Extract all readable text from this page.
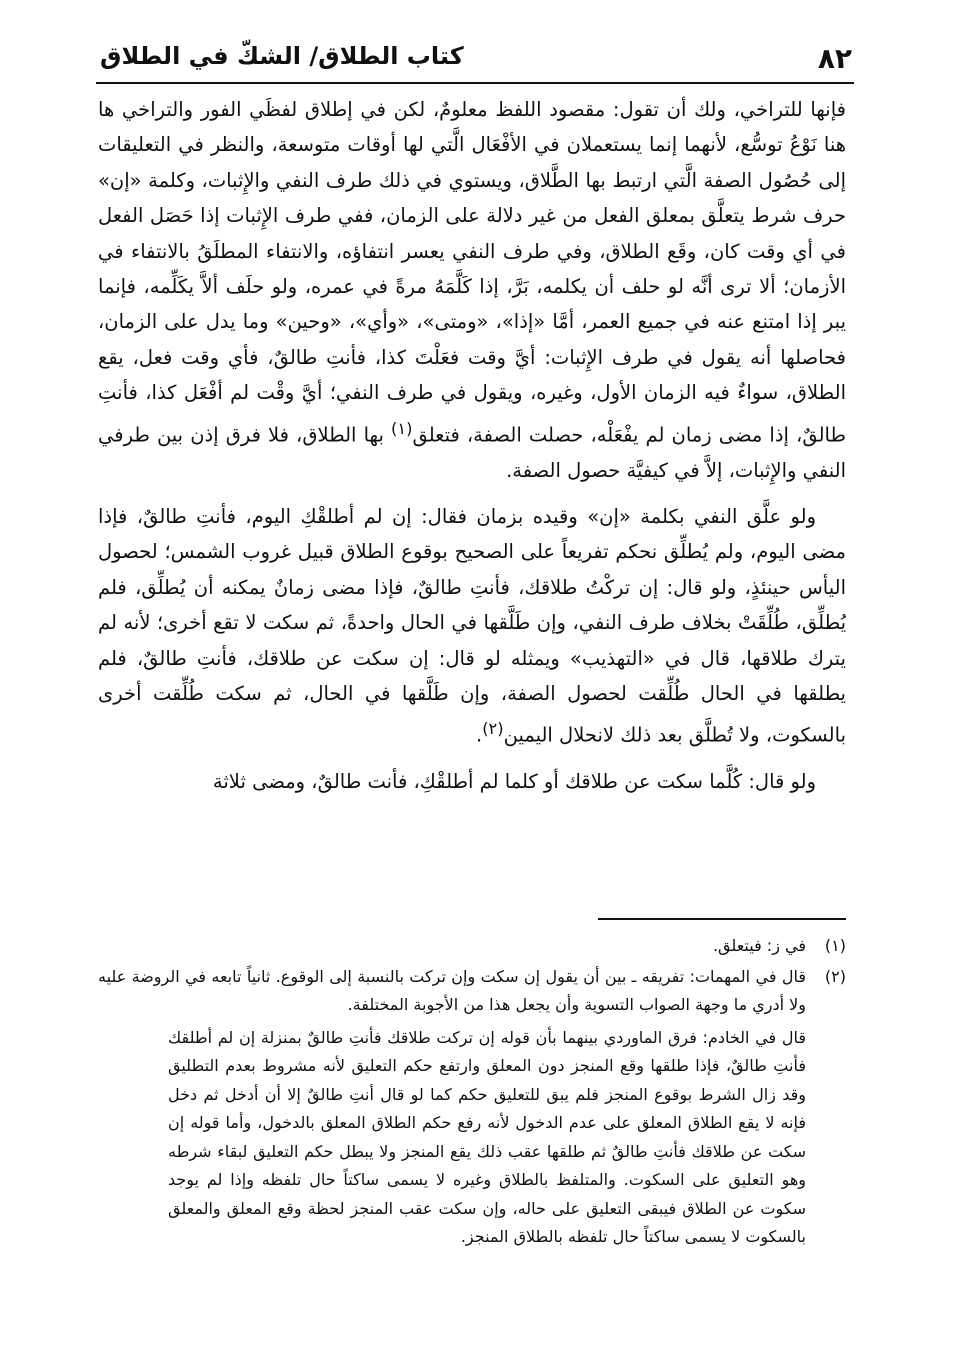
٨٢
كتاب الطلاق/ الشكّ في الطلاق

فإنها للتراخي، ولك أن تقول: مقصود اللفظ معلومٌ، لكن في إطلاق لفظَي الفور والتراخي ها هنا نَوْعُ توسُّع، لأنهما إنما يستعملان في الأفْعَال الَّتي لها أوقات متوسعة، والنظر في التعليقات إلى حُصُول الصفة الَّتي ارتبط بها الطَّلاق، ويستوي في ذلك طرف النفي والإِثبات، وكلمة «إن» حرف شرط يتعلَّق بمعلق الفعل من غير دلالة على الزمان، ففي طرف الإِثبات إذا حَصَل الفعل في أي وقت كان، وقَع الطلاق، وفي طرف النفي يعسر انتفاؤه، والانتفاء المطلَقُ بالانتفاء في الأزمان؛ ألا ترى أنَّه لو حلف أن يكلمه، بَرَّ، إذا كَلَّمَهُ مرةً في عمره، ولو حلَف ألاَّ يكَلِّمه، فإنما يبر إذا امتنع عنه في جميع العمر، أمَّا «إذا»، «ومتى»، «وأي»، «وحين» وما يدل على الزمان، فحاصلها أنه يقول في طرف الإِثبات: أيَّ وقت فعَلْتَ كذا، فأنتِ طالقٌ، فأي وقت فعل، يقع الطلاق، سواءٌ فيه الزمان الأول، وغيره، ويقول في طرف النفي؛ أيَّ وقْت لم أفْعَل كذا، فأنتِ طالقٌ، إذا مضى زمان لم يفْعَلْه، حصلت الصفة، فتعلق$^{(١)}$ بها الطلاق، فلا فرق إذن بين طرفي النفي والإِثبات، إلاَّ في كيفيَّة حصول الصفة.

ولو علَّق النفي بكلمة «إن» وقيده بزمان فقال: إن لم أطلقْكِ اليوم، فأنتِ طالقٌ، فإذا مضى اليوم، ولم يُطلِّق نحكم تفريعاً على الصحيح بوقوع الطلاق قبيل غروب الشمس؛ لحصول اليأس حينئذٍ، ولو قال: إن تركْتُ طلاقك، فأنتِ طالقٌ، فإذا مضى زمانٌ يمكنه أن يُطلِّق، فلم يُطلِّق، طُلِّقَتْ بخلاف طرف النفي، وإن طَلَّقها في الحال واحدةً، ثم سكت لا تقع أخرى؛ لأنه لم يترك طلاقها، قال في «التهذيب» ويمثله لو قال: إن سكت عن طلاقك، فأنتِ طالقٌ، فلم يطلقها في الحال طُلِّقت لحصول الصفة، وإن طَلَّقها في الحال، ثم سكت طُلِّقت أخرى بالسكوت، ولا تُطلَّق بعد ذلك لانحلال اليمين$^{(٢)}$.

ولو قال: كُلَّما سكت عن طلاقك أو كلما لم أطلقْكِ، فأنت طالقٌ، ومضى ثلاثة

(١)
في ز: فيتعلق.
(٢)
قال في المهمات: تفريقه ـ بين أن يقول إن سكت وإن تركت بالنسبة إلى الوقوع. ثانياً تابعه في الروضة عليه ولا أدري ما وجهة الصواب التسوية وأن يجعل هذا من الأجوبة المختلفة.
قال في الخادم: فرق الماوردي بينهما بأن قوله إن تركت طلاقك فأنتِ طالقٌ بمنزلة إن لم أطلقك فأنتِ طالقٌ، فإذا طلقها وقع المنجز دون المعلق وارتفع حكم التعليق لأنه مشروط بعدم التطليق وقد زال الشرط بوقوع المنجز فلم يبق للتعليق حكم كما لو قال أنتِ طالقٌ إلا أن أدخل ثم دخل فإنه لا يقع الطلاق المعلق على عدم الدخول لأنه رفع حكم الطلاق المعلق بالدخول، وأما قوله إن سكت عن طلاقك فأنتِ طالقٌ ثم طلقها عقب ذلك يقع المنجز ولا يبطل حكم التعليق لبقاء شرطه وهو التعليق على السكوت. والمتلفظ بالطلاق وغيره لا يسمى ساكتاً حال تلفظه وإذا لم يوجد سكوت عن الطلاق فيبقى التعليق على حاله، وإن سكت عقب المنجز لحظة وقع المعلق والمعلق بالسكوت لا يسمى ساكتاً حال تلفظه بالطلاق المنجز.
